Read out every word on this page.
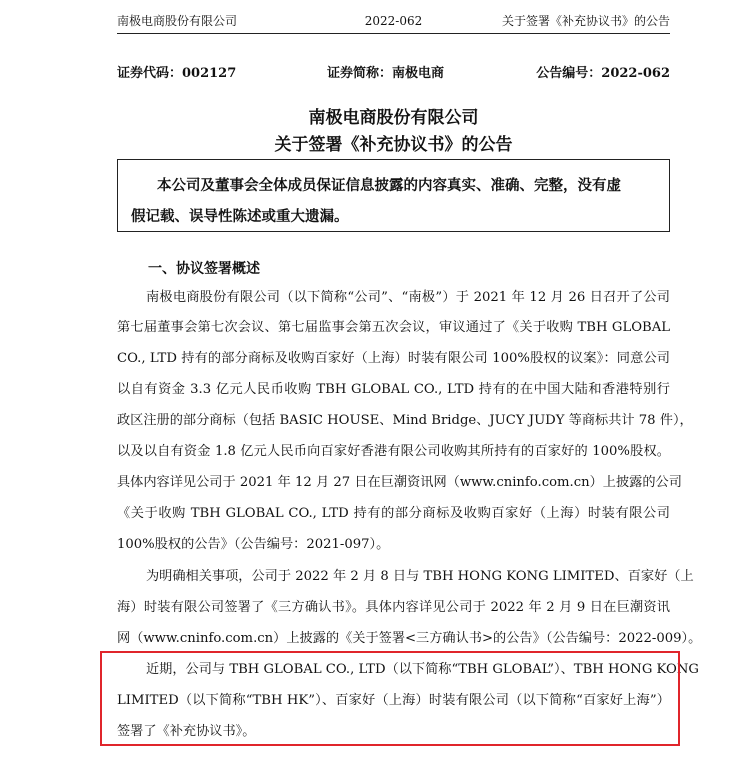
南极电商股份有限公司	2022-062	关于签署《补充协议书》的公告
证券代码：002127	证券简称：南极电商	公告编号：2022-062
南极电商股份有限公司
关于签署《补充协议书》的公告
本公司及董事会全体成员保证信息披露的内容真实、准确、完整，没有虚
假记载、误导性陈述或重大遗漏。
一、协议签署概述
南极电商股份有限公司（以下简称“公司”、“南极”）于 2021 年 12 月 26 日召开了公司
第七届董事会第七次会议、第七届监事会第五次会议，审议通过了《关于收购 TBH GLOBAL
CO., LTD 持有的部分商标及收购百家好（上海）时装有限公司 100%股权的议案》：同意公司
以自有资金 3.3 亿元人民币收购 TBH GLOBAL CO., LTD 持有的在中国大陆和香港特别行
政区注册的部分商标（包括 BASIC HOUSE、Mind Bridge、JUCY JUDY 等商标共计 78 件），
以及以自有资金 1.8 亿元人民币向百家好香港有限公司收购其所持有的百家好的 100%股权。
具体内容详见公司于 2021 年 12 月 27 日在巨潮资讯网（www.cninfo.com.cn）上披露的公司
《关于收购 TBH GLOBAL CO., LTD 持有的部分商标及收购百家好（上海）时装有限公司
100%股权的公告》（公告编号：2021-097）。
为明确相关事项，公司于 2022 年 2 月 8 日与 TBH HONG KONG LIMITED、百家好（上
海）时装有限公司签署了《三方确认书》。具体内容详见公司于 2022 年 2 月 9 日在巨潮资讯
网（www.cninfo.com.cn）上披露的《关于签署<三方确认书>的公告》（公告编号：2022-009）。
近期，公司与 TBH GLOBAL CO., LTD（以下简称“TBH GLOBAL”）、TBH HONG KONG
LIMITED（以下简称“TBH HK”）、百家好（上海）时装有限公司（以下简称“百家好上海”）
签署了《补充协议书》。
